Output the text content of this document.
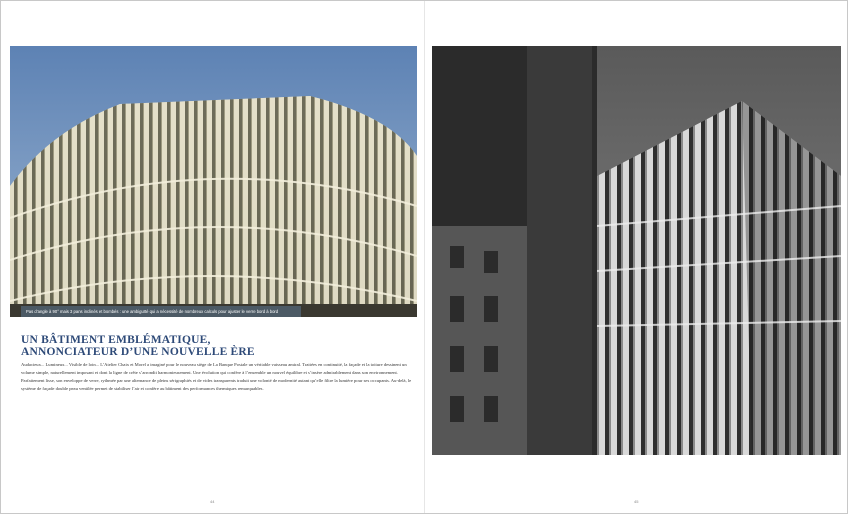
Pas d’angle à 90° mais 3 pans inclinés et bombés : une ambiguïté qui a nécessité de nombreux calculs pour ajuster le verre bord à bord
UN BÂTIMENT EMBLÉMATIQUE,
ANNONCIATEUR D’UNE NOUVELLE ÈRE

Audacieux... Lumineux... Visible de loin... L’Atelier Chaix et Morel a imaginé pour le nouveau siège de La Banque Postale un véritable vaisseau amiral. Traitées en continuité, la façade et la toiture dessinent un volume simple, naturellement imposant et dont la ligne de crête s’arrondit harmonieusement. Une évolution qui confère à l’ensemble un nouvel équilibre et s’insère admirablement dans son environnement.

Parfaitement lisse, son enveloppe de verre, rythmée par une alternance de pleins sérigraphiés et de vides transparents traduit une volonté de modernité autant qu’elle filtre la lumière pour ses occupants. Au-delà, le système de façade double peau ventilée permet de stabiliser l’air et confère au bâtiment des performances thermiques remarquables.

44	45
